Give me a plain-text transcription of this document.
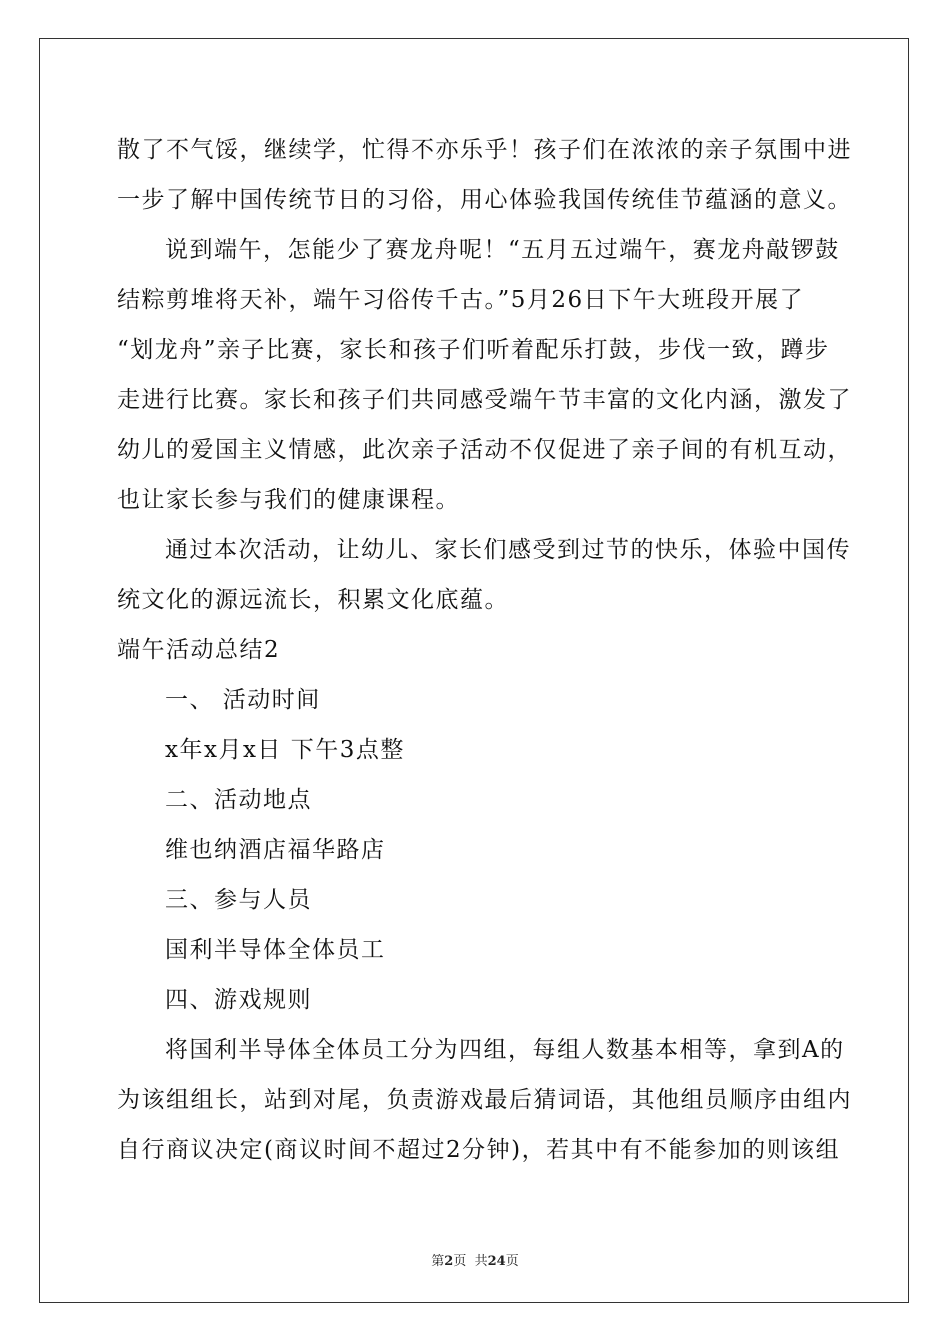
散了不气馁，继续学，忙得不亦乐乎！孩子们在浓浓的亲子氛围中进

一步了解中国传统节日的习俗，用心体验我国传统佳节蕴涵的意义。

说到端午，怎能少了赛龙舟呢！“五月五过端午，赛龙舟敲锣鼓

结粽剪堆将天补，端午习俗传千古。”5月26日下午大班段开展了

“划龙舟”亲子比赛，家长和孩子们听着配乐打鼓，步伐一致，蹲步

走进行比赛。家长和孩子们共同感受端午节丰富的文化内涵，激发了

幼儿的爱国主义情感，此次亲子活动不仅促进了亲子间的有机互动，

也让家长参与我们的健康课程。

通过本次活动，让幼儿、家长们感受到过节的快乐，体验中国传

统文化的源远流长，积累文化底蕴。

端午活动总结2

一、 活动时间

x年x月x日 下午3点整

二、活动地点

维也纳酒店福华路店

三、参与人员

国利半导体全体员工

四、游戏规则

将国利半导体全体员工分为四组，每组人数基本相等，拿到A的

为该组组长，站到对尾，负责游戏最后猜词语，其他组员顺序由组内

自行商议决定(商议时间不超过2分钟)，若其中有不能参加的则该组

第2页  共24页
